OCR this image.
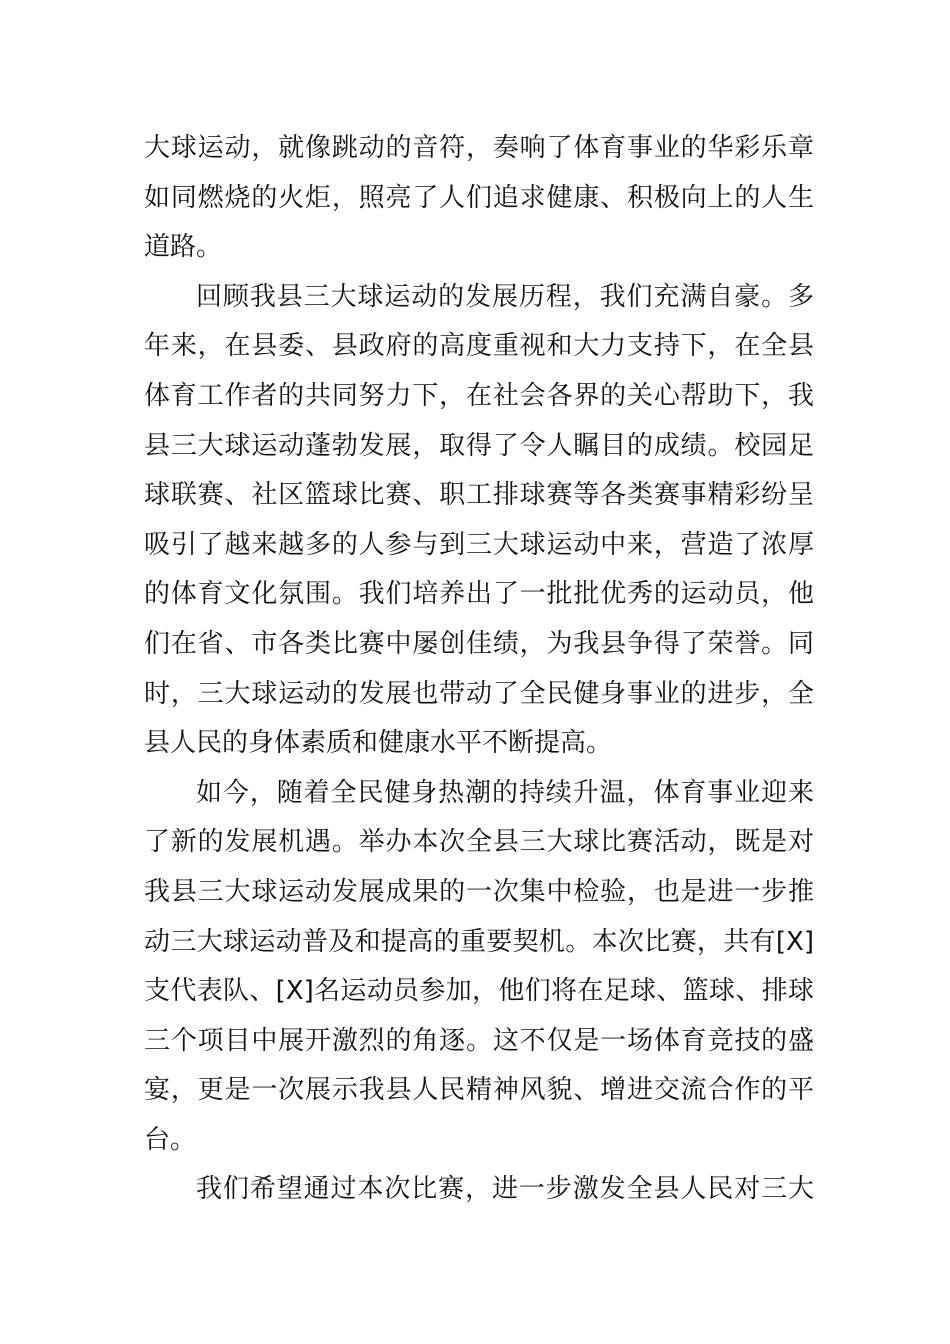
大球运动，就像跳动的音符，奏响了体育事业的华彩乐章
如同燃烧的火炬，照亮了人们追求健康、积极向上的人生
道路。
回顾我县三大球运动的发展历程，我们充满自豪。多
年来，在县委、县政府的高度重视和大力支持下，在全县
体育工作者的共同努力下，在社会各界的关心帮助下，我
县三大球运动蓬勃发展，取得了令人瞩目的成绩。校园足
球联赛、社区篮球比赛、职工排球赛等各类赛事精彩纷呈
吸引了越来越多的人参与到三大球运动中来，营造了浓厚
的体育文化氛围。我们培养出了一批批优秀的运动员，他
们在省、市各类比赛中屡创佳绩，为我县争得了荣誉。同
时，三大球运动的发展也带动了全民健身事业的进步，全
县人民的身体素质和健康水平不断提高。
如今，随着全民健身热潮的持续升温，体育事业迎来
了新的发展机遇。举办本次全县三大球比赛活动，既是对
我县三大球运动发展成果的一次集中检验，也是进一步推
动三大球运动普及和提高的重要契机。本次比赛，共有[X]
支代表队、[X]名运动员参加，他们将在足球、篮球、排球
三个项目中展开激烈的角逐。这不仅是一场体育竞技的盛
宴，更是一次展示我县人民精神风貌、增进交流合作的平
台。
我们希望通过本次比赛，进一步激发全县人民对三大
